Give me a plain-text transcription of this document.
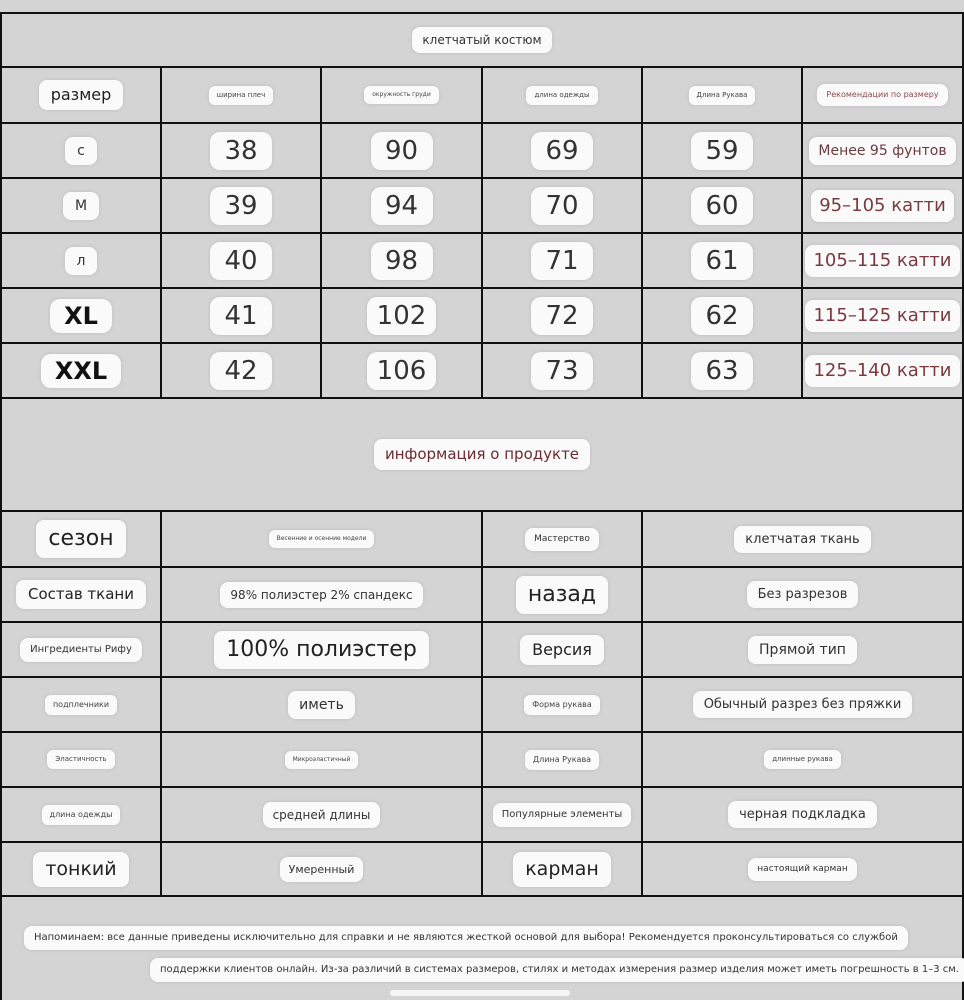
клетчатый костюм
размер	ширина плеч	окружность груди	длина одежды	Длина Рукава	Рекомендации по размеру
с	38	90	69	59	Менее 95 фунтов
М	39	94	70	60	95–105 катти
л	40	98	71	61	105–115 катти
XL	41	102	72	62	115–125 катти
XXL	42	106	73	63	125–140 катти
информация о продукте
сезон	Весенние и осенние модели	Мастерство	клетчатая ткань
Состав ткани	98% полиэстер 2% спандекс	назад	Без разрезов
Ингредиенты Рифу	100% полиэстер	Версия	Прямой тип
подплечники	иметь	Форма рукава	Обычный разрез без пряжки
Эластичность	Микроэластичный	Длина Рукава	длинные рукава
длина одежды	средней длины	Популярные элементы	черная подкладка
тонкий	Умеренный	карман	настоящий карман
Напоминаем: все данные приведены исключительно для справки и не являются жесткой основой для выбора! Рекомендуется проконсультироваться со службой
поддержки клиентов онлайн. Из-за различий в системах размеров, стилях и методах измерения размер изделия может иметь погрешность в 1–3 см.
